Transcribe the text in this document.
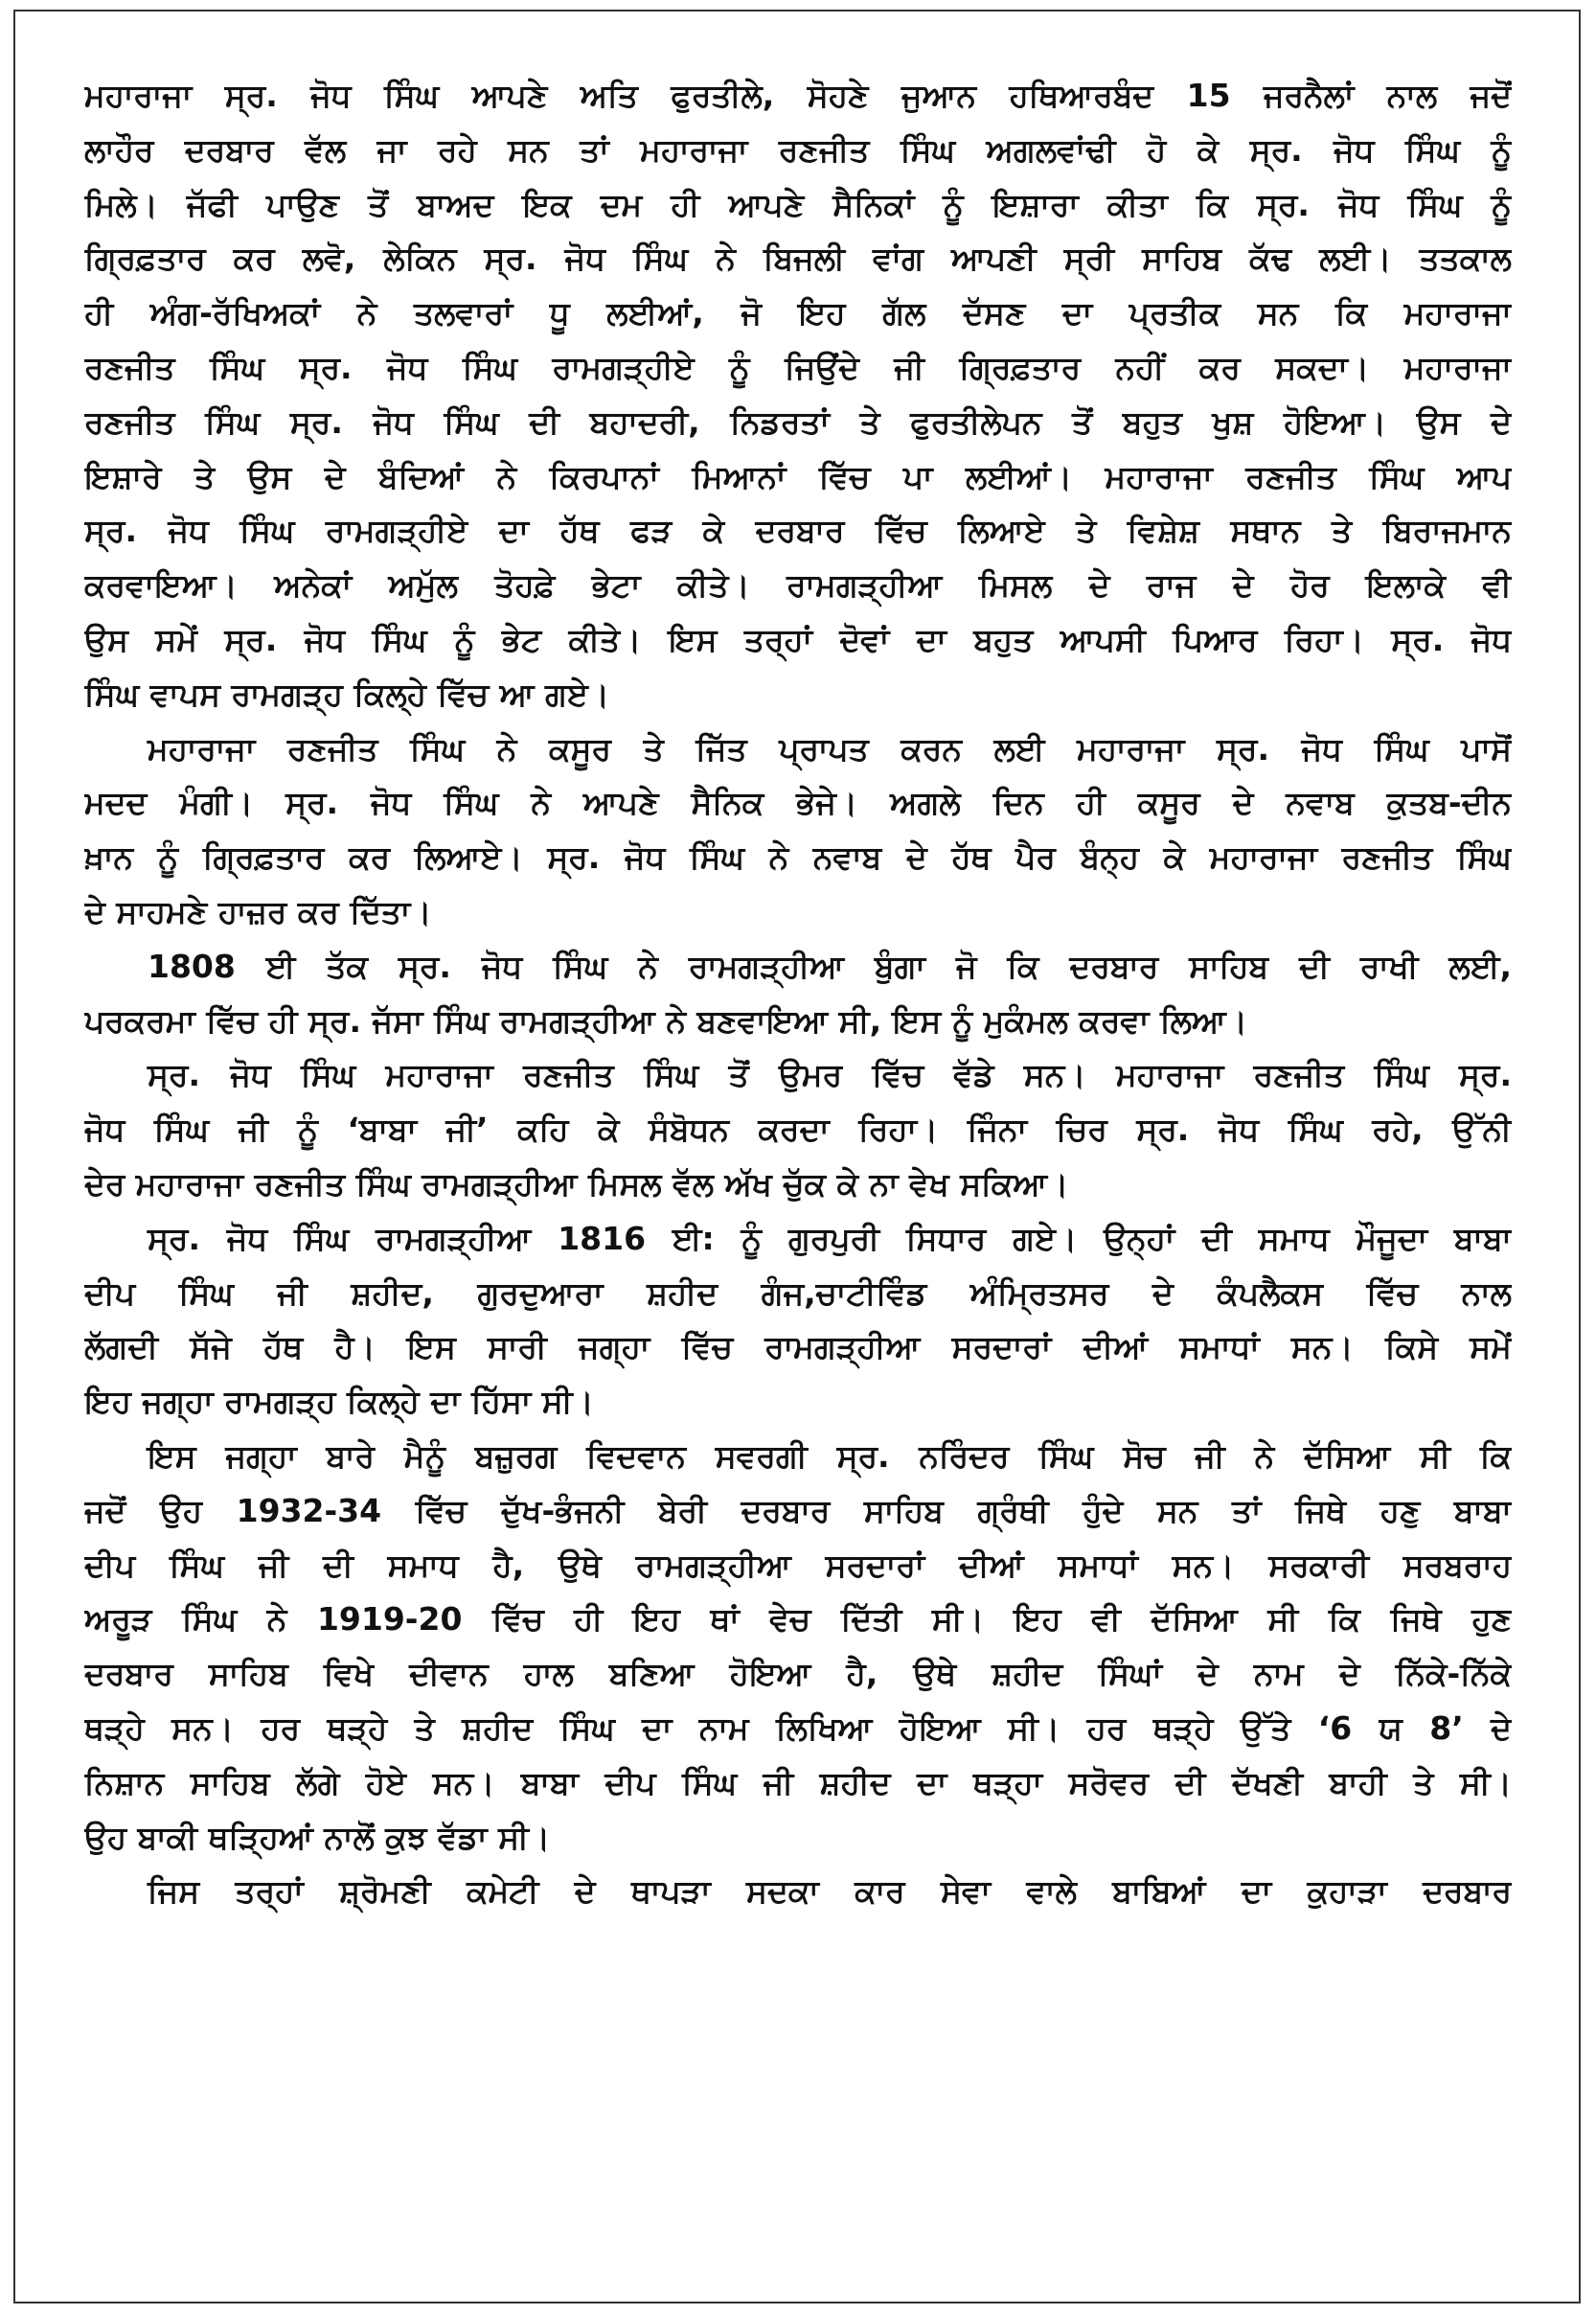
ਮਹਾਰਾਜਾ ਸ੍ਰ. ਜੋਧ ਸਿੰਘ ਆਪਣੇ ਅਤਿ ਫੁਰਤੀਲੇ, ਸੋਹਣੇ ਜੁਆਨ ਹਥਿਆਰਬੰਦ 15 ਜਰਨੈਲਾਂ ਨਾਲ ਜਦੋਂ
ਲਾਹੌਰ ਦਰਬਾਰ ਵੱਲ ਜਾ ਰਹੇ ਸਨ ਤਾਂ ਮਹਾਰਾਜਾ ਰਣਜੀਤ ਸਿੰਘ ਅਗਲਵਾਂਢੀ ਹੋ ਕੇ ਸ੍ਰ. ਜੋਧ ਸਿੰਘ ਨੂੰ
ਮਿਲੇ। ਜੱਫੀ ਪਾਉਣ ਤੋਂ ਬਾਅਦ ਇਕ ਦਮ ਹੀ ਆਪਣੇ ਸੈਨਿਕਾਂ ਨੂੰ ਇਸ਼ਾਰਾ ਕੀਤਾ ਕਿ ਸ੍ਰ. ਜੋਧ ਸਿੰਘ ਨੂੰ
ਗ੍ਰਿਫ਼ਤਾਰ ਕਰ ਲਵੋ, ਲੇਕਿਨ ਸ੍ਰ. ਜੋਧ ਸਿੰਘ ਨੇ ਬਿਜਲੀ ਵਾਂਗ ਆਪਣੀ ਸ੍ਰੀ ਸਾਹਿਬ ਕੱਢ ਲਈ। ਤਤਕਾਲ
ਹੀ ਅੰਗ-ਰੱਖਿਅਕਾਂ ਨੇ ਤਲਵਾਰਾਂ ਧੂ ਲਈਆਂ, ਜੋ ਇਹ ਗੱਲ ਦੱਸਣ ਦਾ ਪ੍ਰਤੀਕ ਸਨ ਕਿ ਮਹਾਰਾਜਾ
ਰਣਜੀਤ ਸਿੰਘ ਸ੍ਰ. ਜੋਧ ਸਿੰਘ ਰਾਮਗੜ੍ਹੀਏ ਨੂੰ ਜਿਉਂਦੇ ਜੀ ਗ੍ਰਿਫ਼ਤਾਰ ਨਹੀਂ ਕਰ ਸਕਦਾ। ਮਹਾਰਾਜਾ
ਰਣਜੀਤ ਸਿੰਘ ਸ੍ਰ. ਜੋਧ ਸਿੰਘ ਦੀ ਬਹਾਦਰੀ, ਨਿਡਰਤਾਂ ਤੇ ਫੁਰਤੀਲੇਪਨ ਤੋਂ ਬਹੁਤ ਖੁਸ਼ ਹੋਇਆ। ਉਸ ਦੇ
ਇਸ਼ਾਰੇ ਤੇ ਉਸ ਦੇ ਬੰਦਿਆਂ ਨੇ ਕਿਰਪਾਨਾਂ ਮਿਆਨਾਂ ਵਿੱਚ ਪਾ ਲਈਆਂ। ਮਹਾਰਾਜਾ ਰਣਜੀਤ ਸਿੰਘ ਆਪ
ਸ੍ਰ. ਜੋਧ ਸਿੰਘ ਰਾਮਗੜ੍ਹੀਏ ਦਾ ਹੱਥ ਫੜ ਕੇ ਦਰਬਾਰ ਵਿੱਚ ਲਿਆਏ ਤੇ ਵਿਸ਼ੇਸ਼ ਸਥਾਨ ਤੇ ਬਿਰਾਜਮਾਨ
ਕਰਵਾਇਆ। ਅਨੇਕਾਂ ਅਮੁੱਲ ਤੋਹਫ਼ੇ ਭੇਟਾ ਕੀਤੇ। ਰਾਮਗੜ੍ਹੀਆ ਮਿਸਲ ਦੇ ਰਾਜ ਦੇ ਹੋਰ ਇਲਾਕੇ ਵੀ
ਉਸ ਸਮੇਂ ਸ੍ਰ. ਜੋਧ ਸਿੰਘ ਨੂੰ ਭੇਟ ਕੀਤੇ। ਇਸ ਤਰ੍ਹਾਂ ਦੋਵਾਂ ਦਾ ਬਹੁਤ ਆਪਸੀ ਪਿਆਰ ਰਿਹਾ। ਸ੍ਰ. ਜੋਧ
ਸਿੰਘ ਵਾਪਸ ਰਾਮਗੜ੍ਹ ਕਿਲ੍ਹੇ ਵਿੱਚ ਆ ਗਏ।
ਮਹਾਰਾਜਾ ਰਣਜੀਤ ਸਿੰਘ ਨੇ ਕਸੂਰ ਤੇ ਜਿੱਤ ਪ੍ਰਾਪਤ ਕਰਨ ਲਈ ਮਹਾਰਾਜਾ ਸ੍ਰ. ਜੋਧ ਸਿੰਘ ਪਾਸੋਂ
ਮਦਦ ਮੰਗੀ। ਸ੍ਰ. ਜੋਧ ਸਿੰਘ ਨੇ ਆਪਣੇ ਸੈਨਿਕ ਭੇਜੇ। ਅਗਲੇ ਦਿਨ ਹੀ ਕਸੂਰ ਦੇ ਨਵਾਬ ਕੁਤਬ-ਦੀਨ
ਖ਼ਾਨ ਨੂੰ ਗ੍ਰਿਫ਼ਤਾਰ ਕਰ ਲਿਆਏ। ਸ੍ਰ. ਜੋਧ ਸਿੰਘ ਨੇ ਨਵਾਬ ਦੇ ਹੱਥ ਪੈਰ ਬੰਨ੍ਹ ਕੇ ਮਹਾਰਾਜਾ ਰਣਜੀਤ ਸਿੰਘ
ਦੇ ਸਾਹਮਣੇ ਹਾਜ਼ਰ ਕਰ ਦਿੱਤਾ।
1808 ਈ ਤੱਕ ਸ੍ਰ. ਜੋਧ ਸਿੰਘ ਨੇ ਰਾਮਗੜ੍ਹੀਆ ਬੁੰਗਾ ਜੋ ਕਿ ਦਰਬਾਰ ਸਾਹਿਬ ਦੀ ਰਾਖੀ ਲਈ,
ਪਰਕਰਮਾ ਵਿੱਚ ਹੀ ਸ੍ਰ. ਜੱਸਾ ਸਿੰਘ ਰਾਮਗੜ੍ਹੀਆ ਨੇ ਬਣਵਾਇਆ ਸੀ, ਇਸ ਨੂੰ ਮੁਕੰਮਲ ਕਰਵਾ ਲਿਆ।
ਸ੍ਰ. ਜੋਧ ਸਿੰਘ ਮਹਾਰਾਜਾ ਰਣਜੀਤ ਸਿੰਘ ਤੋਂ ਉਮਰ ਵਿੱਚ ਵੱਡੇ ਸਨ। ਮਹਾਰਾਜਾ ਰਣਜੀਤ ਸਿੰਘ ਸ੍ਰ.
ਜੋਧ ਸਿੰਘ ਜੀ ਨੂੰ ‘ਬਾਬਾ ਜੀ’ ਕਹਿ ਕੇ ਸੰਬੋਧਨ ਕਰਦਾ ਰਿਹਾ। ਜਿੰਨਾ ਚਿਰ ਸ੍ਰ. ਜੋਧ ਸਿੰਘ ਰਹੇ, ਉੱਨੀ
ਦੇਰ ਮਹਾਰਾਜਾ ਰਣਜੀਤ ਸਿੰਘ ਰਾਮਗੜ੍ਹੀਆ ਮਿਸਲ ਵੱਲ ਅੱਖ ਚੁੱਕ ਕੇ ਨਾ ਵੇਖ ਸਕਿਆ।
ਸ੍ਰ. ਜੋਧ ਸਿੰਘ ਰਾਮਗੜ੍ਹੀਆ 1816 ਈ: ਨੂੰ ਗੁਰਪੁਰੀ ਸਿਧਾਰ ਗਏ। ਉਨ੍ਹਾਂ ਦੀ ਸਮਾਧ ਮੌਜੂਦਾ ਬਾਬਾ
ਦੀਪ ਸਿੰਘ ਜੀ ਸ਼ਹੀਦ, ਗੁਰਦੁਆਰਾ ਸ਼ਹੀਦ ਗੰਜ,ਚਾਟੀਵਿੰਡ ਅੰਮ੍ਰਿਤਸਰ ਦੇ ਕੰਪਲੈਕਸ ਵਿੱਚ ਨਾਲ
ਲੱਗਦੀ ਸੱਜੇ ਹੱਥ ਹੈ। ਇਸ ਸਾਰੀ ਜਗ੍ਹਾ ਵਿੱਚ ਰਾਮਗੜ੍ਹੀਆ ਸਰਦਾਰਾਂ ਦੀਆਂ ਸਮਾਧਾਂ ਸਨ। ਕਿਸੇ ਸਮੇਂ
ਇਹ ਜਗ੍ਹਾ ਰਾਮਗੜ੍ਹ ਕਿਲ੍ਹੇ ਦਾ ਹਿੱਸਾ ਸੀ।
ਇਸ ਜਗ੍ਹਾ ਬਾਰੇ ਮੈਨੂੰ ਬਜ਼ੁਰਗ ਵਿਦਵਾਨ ਸਵਰਗੀ ਸ੍ਰ. ਨਰਿੰਦਰ ਸਿੰਘ ਸੋਚ ਜੀ ਨੇ ਦੱਸਿਆ ਸੀ ਕਿ
ਜਦੋਂ ਉਹ 1932-34 ਵਿੱਚ ਦੁੱਖ-ਭੰਜਨੀ ਬੇਰੀ ਦਰਬਾਰ ਸਾਹਿਬ ਗ੍ਰੰਥੀ ਹੁੰਦੇ ਸਨ ਤਾਂ ਜਿਥੇ ਹਣੁ ਬਾਬਾ
ਦੀਪ ਸਿੰਘ ਜੀ ਦੀ ਸਮਾਧ ਹੈ, ਉਥੇ ਰਾਮਗੜ੍ਹੀਆ ਸਰਦਾਰਾਂ ਦੀਆਂ ਸਮਾਧਾਂ ਸਨ। ਸਰਕਾਰੀ ਸਰਬਰਾਹ
ਅਰੂੜ ਸਿੰਘ ਨੇ 1919-20 ਵਿੱਚ ਹੀ ਇਹ ਥਾਂ ਵੇਚ ਦਿੱਤੀ ਸੀ। ਇਹ ਵੀ ਦੱਸਿਆ ਸੀ ਕਿ ਜਿਥੇ ਹੁਣ
ਦਰਬਾਰ ਸਾਹਿਬ ਵਿਖੇ ਦੀਵਾਨ ਹਾਲ ਬਣਿਆ ਹੋਇਆ ਹੈ, ਉਥੇ ਸ਼ਹੀਦ ਸਿੰਘਾਂ ਦੇ ਨਾਮ ਦੇ ਨਿੱਕੇ-ਨਿੱਕੇ
ਥੜ੍ਹੇ ਸਨ। ਹਰ ਥੜ੍ਹੇ ਤੇ ਸ਼ਹੀਦ ਸਿੰਘ ਦਾ ਨਾਮ ਲਿਖਿਆ ਹੋਇਆ ਸੀ। ਹਰ ਥੜ੍ਹੇ ਉੱਤੇ ‘6 ਯ 8’ ਦੇ
ਨਿਸ਼ਾਨ ਸਾਹਿਬ ਲੱਗੇ ਹੋਏ ਸਨ। ਬਾਬਾ ਦੀਪ ਸਿੰਘ ਜੀ ਸ਼ਹੀਦ ਦਾ ਥੜ੍ਹਾ ਸਰੋਵਰ ਦੀ ਦੱਖਣੀ ਬਾਹੀ ਤੇ ਸੀ।
ਉਹ ਬਾਕੀ ਥੜ੍ਹਿਆਂ ਨਾਲੋਂ ਕੁਝ ਵੱਡਾ ਸੀ।
ਜਿਸ ਤਰ੍ਹਾਂ ਸ਼੍ਰੋਮਣੀ ਕਮੇਟੀ ਦੇ ਥਾਪੜਾ ਸਦਕਾ ਕਾਰ ਸੇਵਾ ਵਾਲੇ ਬਾਬਿਆਂ ਦਾ ਕੁਹਾੜਾ ਦਰਬਾਰ
